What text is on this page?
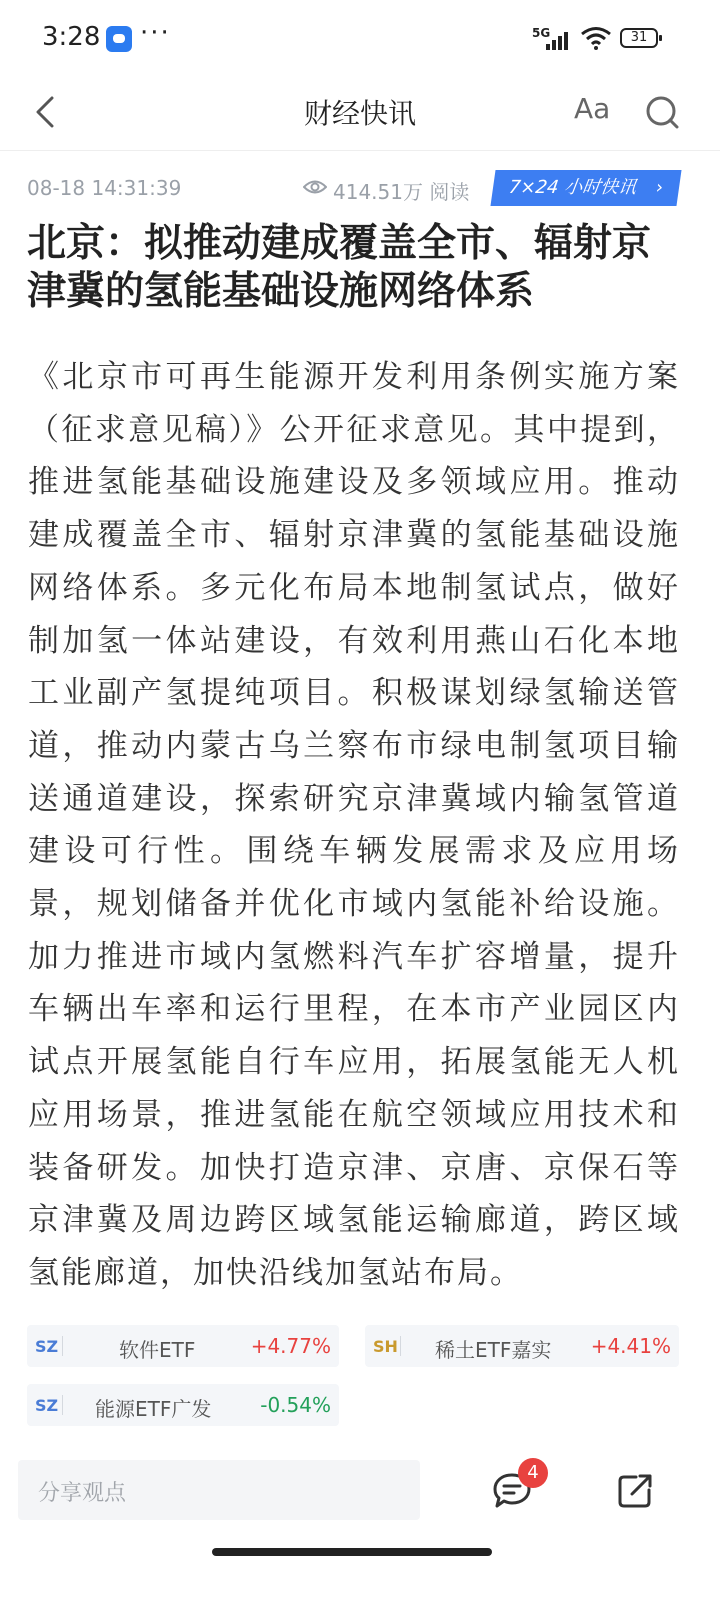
3:28 ···	5G	31
财经快讯	Aa
08-18 14:31:39	414.51万 阅读	7×24 小时快讯 ›
北京：拟推动建成覆盖全市、辐射京津冀的氢能基础设施网络体系

《北京市可再生能源开发利用条例实施方案（征求意见稿）》公开征求意见。其中提到，推进氢能基础设施建设及多领域应用。推动建成覆盖全市、辐射京津冀的氢能基础设施网络体系。多元化布局本地制氢试点，做好制加氢一体站建设，有效利用燕山石化本地工业副产氢提纯项目。积极谋划绿氢输送管道，推动内蒙古乌兰察布市绿电制氢项目输送通道建设，探索研究京津冀域内输氢管道建设可行性。围绕车辆发展需求及应用场景，规划储备并优化市域内氢能补给设施。加力推进市域内氢燃料汽车扩容增量，提升车辆出车率和运行里程，在本市产业园区内试点开展氢能自行车应用，拓展氢能无人机应用场景，推进氢能在航空领域应用技术和装备研发。加快打造京津、京唐、京保石等京津冀及周边跨区域氢能运输廊道，跨区域氢能廊道，加快沿线加氢站布局。

SZ	软件ETF	+4.77%	SH 稀土ETF嘉实 +4.41%
SZ 能源ETF广发 -0.54%
分享观点
4
